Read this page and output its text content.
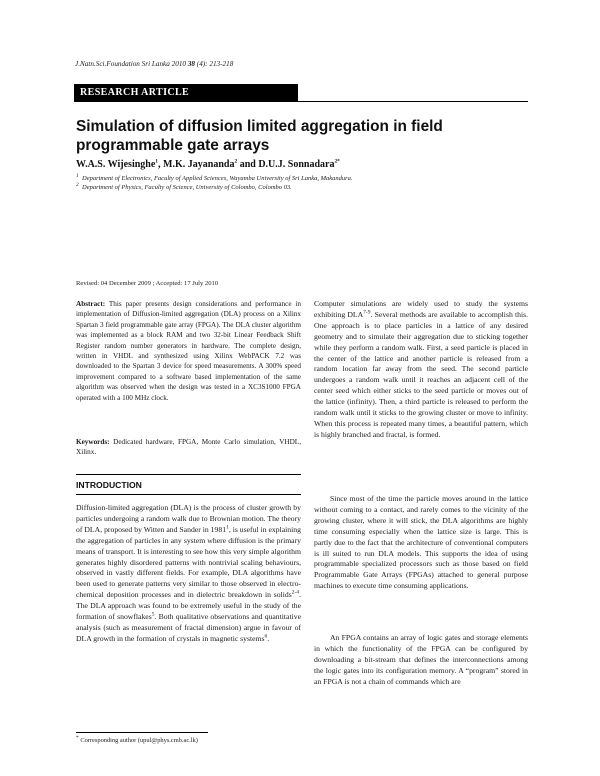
J.Natn.Sci.Foundation Sri Lanka 2010 38 (4): 213-218
RESEARCH ARTICLE
Simulation of diffusion limited aggregation in field programmable gate arrays
W.A.S. Wijesinghe$^1$, M.K. Jayananda$^2$ and D.U.J. Sonnadara$^{2*}$
$^1$ Department of Electronics, Faculty of Applied Sciences, Wayamba University of Sri Lanka, Makandura.
$^2$ Department of Physics, Faculty of Science, University of Colombo, Colombo 03.
Revised: 04 December 2009 ; Accepted: 17 July 2010
Abstract: This paper presents design considerations and performance in implementation of Diffusion-limited aggregation (DLA) process on a Xilinx Spartan 3 field programmable gate array (FPGA). The DLA cluster algorithm was implemented as a block RAM and two 32-bit Linear Feedback Shift Register random number generators in hardware. The complete design, written in VHDL and synthesized using Xilinx WebPACK 7.2 was downloaded to the Spartan 3 device for speed measurements. A 300% speed improvement compared to a software based implementation of the same algorithm was observed when the design was tested in a XC3S1000 FPGA operated with a 100 MHz clock.
Keywords: Dedicated hardware, FPGA, Monte Carlo simulation, VHDL, Xilinx.
INTRODUCTION
Diffusion-limited aggregation (DLA) is the process of cluster growth by particles undergoing a random walk due to Brownian motion. The theory of DLA, proposed by Witten and Sander in 1981$^1$, is useful in explaining the aggregation of particles in any system where diffusion is the primary means of transport. It is interesting to see how this very simple algorithm generates highly disordered patterns with nontrivial scaling behaviours, observed in vastly different fields. For example, DLA algorithms have been used to generate patterns very similar to those observed in electro-chemical deposition processes and in dielectric breakdown in solids$^{2-4}$. The DLA approach was found to be extremely useful in the study of the formation of snowflakes$^5$. Both qualitative observations and quantitative analysis (such as measurement of fractal dimension) argue in favour of DLA growth in the formation of crystals in magnetic systems$^6$.
Computer simulations are widely used to study the systems exhibiting DLA$^{7-9}$. Several methods are available to accomplish this. One approach is to place particles in a lattice of any desired geometry and to simulate their aggregation due to sticking together while they perform a random walk. First, a seed particle is placed in the center of the lattice and another particle is released from a random location far away from the seed. The second particle undergoes a random walk until it reaches an adjacent cell of the center seed which either sticks to the seed particle or moves out of the lattice (infinity). Then, a third particle is released to perform the random walk until it sticks to the growing cluster or move to infinity. When this process is repeated many times, a beautiful pattern, which is highly branched and fractal, is formed.
Since most of the time the particle moves around in the lattice without coming to a contact, and rarely comes to the vicinity of the growing cluster, where it will stick, the DLA algorithms are highly time consuming especially when the lattice size is large. This is partly due to the fact that the architecture of conventional computers is ill suited to run DLA models. This supports the idea of using programmable specialized processors such as those based on field Programmable Gate Arrays (FPGAs) attached to general purpose machines to execute time consuming applications.
An FPGA contains an array of logic gates and storage elements in which the functionality of the FPGA can be configured by downloading a bit-stream that defines the interconnections among the logic gates into its configuration memory. A “program” stored in an FPGA is not a chain of commands which are
* Corresponding author (upul@phys.cmb.ac.lk)
